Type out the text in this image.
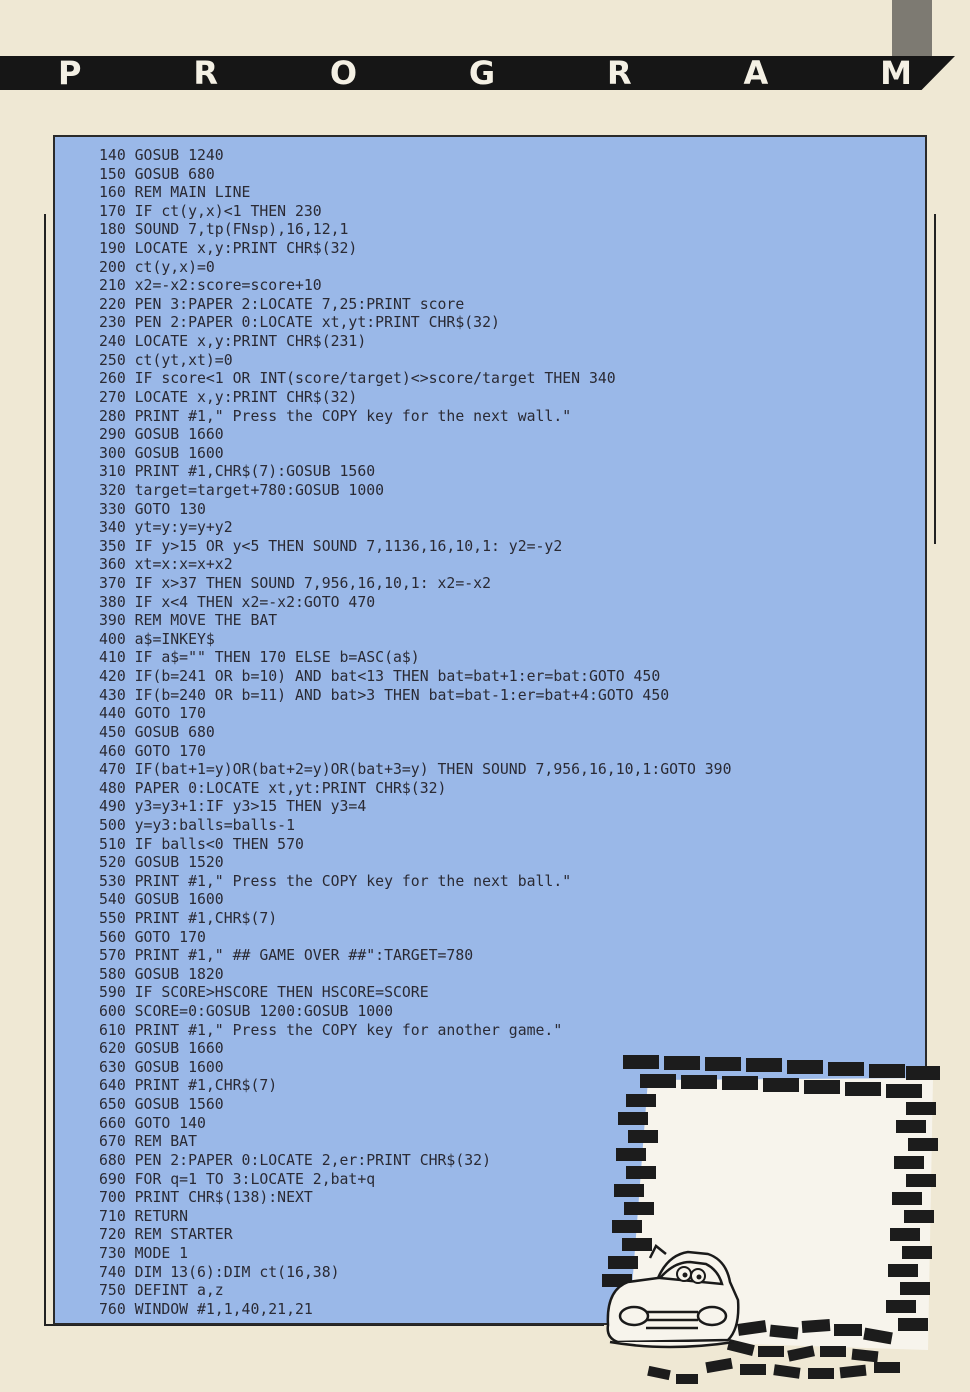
P	R	O	G	R	A	M
140 GOSUB 1240
150 GOSUB 680
160 REM MAIN LINE
170 IF ct(y,x)<1 THEN 230
180 SOUND 7,tp(FNsp),16,12,1
190 LOCATE x,y:PRINT CHR$(32)
200 ct(y,x)=0
210 x2=-x2:score=score+10
220 PEN 3:PAPER 2:LOCATE 7,25:PRINT score
230 PEN 2:PAPER 0:LOCATE xt,yt:PRINT CHR$(32)
240 LOCATE x,y:PRINT CHR$(231)
250 ct(yt,xt)=0
260 IF score<1 OR INT(score/target)<>score/target THEN 340
270 LOCATE x,y:PRINT CHR$(32)
280 PRINT #1," Press the COPY key for the next wall."
290 GOSUB 1660
300 GOSUB 1600
310 PRINT #1,CHR$(7):GOSUB 1560
320 target=target+780:GOSUB 1000
330 GOTO 130
340 yt=y:y=y+y2
350 IF y>15 OR y<5 THEN SOUND 7,1136,16,10,1: y2=-y2
360 xt=x:x=x+x2
370 IF x>37 THEN SOUND 7,956,16,10,1: x2=-x2
380 IF x<4 THEN x2=-x2:GOTO 470
390 REM MOVE THE BAT
400 a$=INKEY$
410 IF a$="" THEN 170 ELSE b=ASC(a$)
420 IF(b=241 OR b=10) AND bat<13 THEN bat=bat+1:er=bat:GOTO 450
430 IF(b=240 OR b=11) AND bat>3 THEN bat=bat-1:er=bat+4:GOTO 450
440 GOTO 170
450 GOSUB 680
460 GOTO 170
470 IF(bat+1=y)OR(bat+2=y)OR(bat+3=y) THEN SOUND 7,956,16,10,1:GOTO 390
480 PAPER 0:LOCATE xt,yt:PRINT CHR$(32)
490 y3=y3+1:IF y3>15 THEN y3=4
500 y=y3:balls=balls-1
510 IF balls<0 THEN 570
520 GOSUB 1520
530 PRINT #1," Press the COPY key for the next ball."
540 GOSUB 1600
550 PRINT #1,CHR$(7)
560 GOTO 170
570 PRINT #1," ## GAME OVER ##":TARGET=780
580 GOSUB 1820
590 IF SCORE>HSCORE THEN HSCORE=SCORE
600 SCORE=0:GOSUB 1200:GOSUB 1000
610 PRINT #1," Press the COPY key for another game."
620 GOSUB 1660
630 GOSUB 1600
640 PRINT #1,CHR$(7)
650 GOSUB 1560
660 GOTO 140
670 REM BAT
680 PEN 2:PAPER 0:LOCATE 2,er:PRINT CHR$(32)
690 FOR q=1 TO 3:LOCATE 2,bat+q
700 PRINT CHR$(138):NEXT
710 RETURN
720 REM STARTER
730 MODE 1
740 DIM 13(6):DIM ct(16,38)
750 DEFINT a,z
760 WINDOW #1,1,40,21,21
